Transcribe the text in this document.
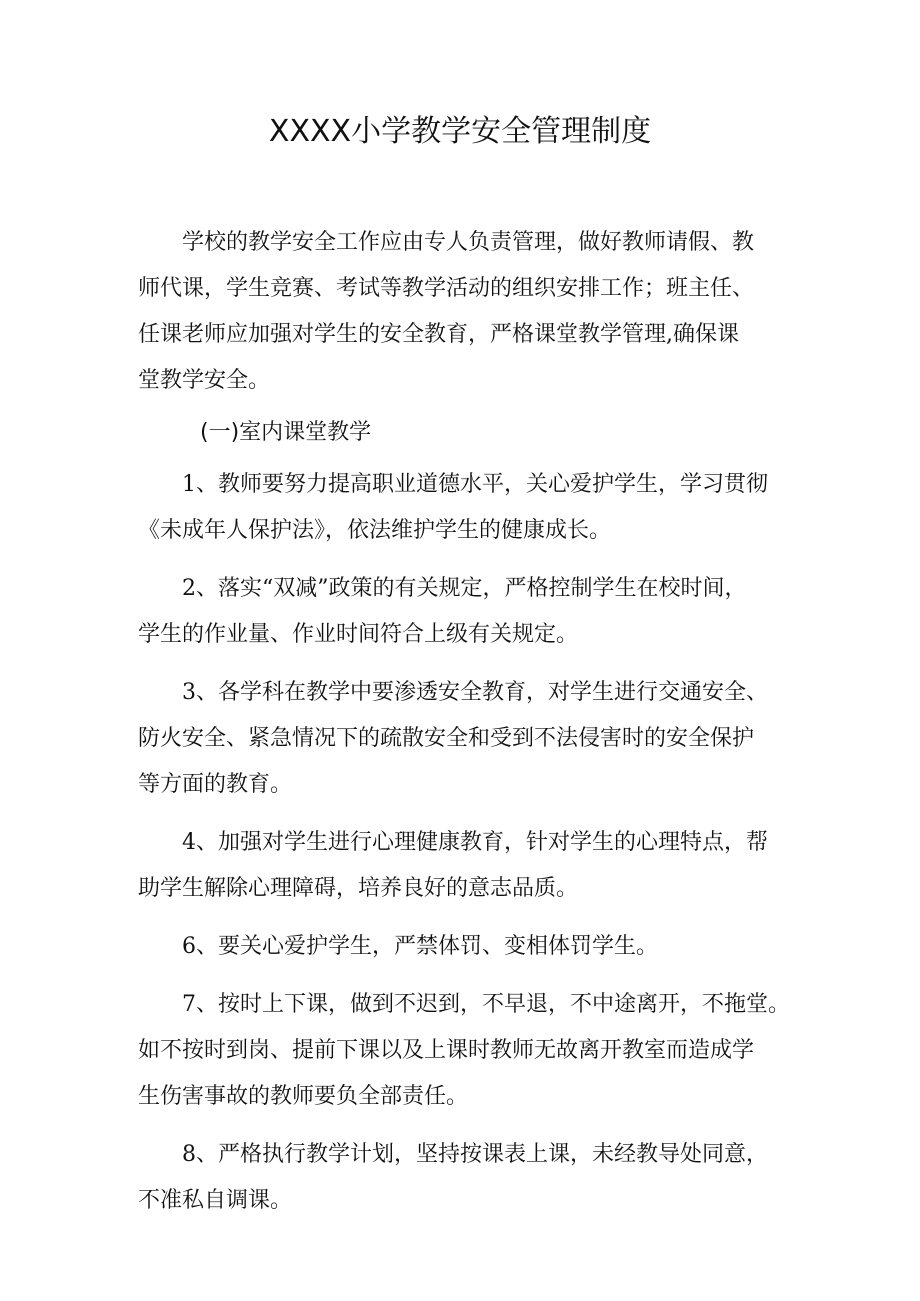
XXXX小学教学安全管理制度

学校的教学安全工作应由专人负责管理，做好教师请假、教
师代课，学生竞赛、考试等教学活动的组织安排工作；班主任、
任课老师应加强对学生的安全教育，严格课堂教学管理,确保课
堂教学安全。

(一)室内课堂教学

1、教师要努力提高职业道德水平，关心爱护学生，学习贯彻
《未成年人保护法》，依法维护学生的健康成长。

2、落实“双减”政策的有关规定，严格控制学生在校时间，
学生的作业量、作业时间符合上级有关规定。

3、各学科在教学中要渗透安全教育，对学生进行交通安全、
防火安全、紧急情况下的疏散安全和受到不法侵害时的安全保护
等方面的教育。

4、加强对学生进行心理健康教育，针对学生的心理特点，帮
助学生解除心理障碍，培养良好的意志品质。

6、要关心爱护学生，严禁体罚、变相体罚学生。

7、按时上下课，做到不迟到，不早退，不中途离开，不拖堂。
如不按时到岗、提前下课以及上课时教师无故离开教室而造成学
生伤害事故的教师要负全部责任。

8、严格执行教学计划，坚持按课表上课，未经教导处同意，
不准私自调课。
